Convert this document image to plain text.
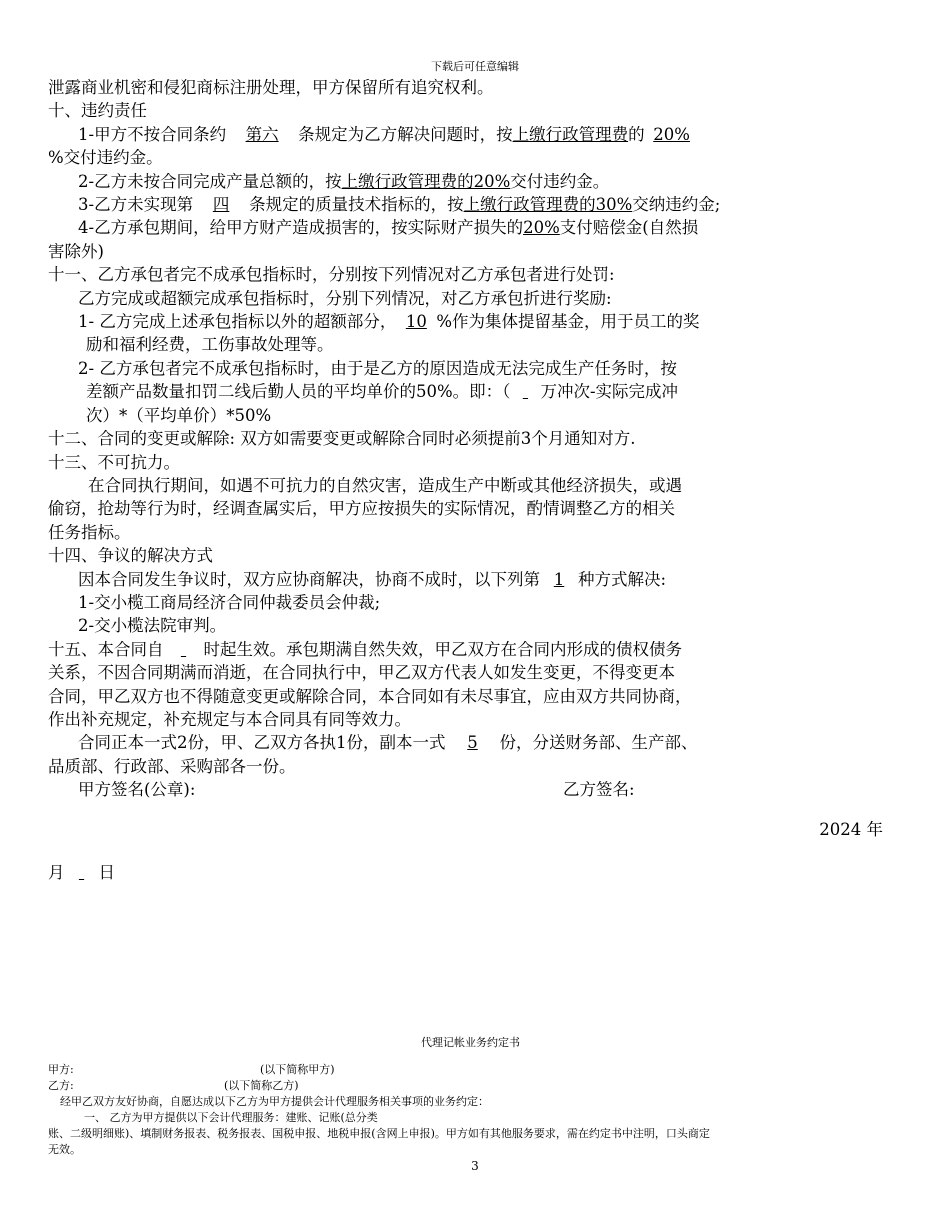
下载后可任意编辑

泄露商业机密和侵犯商标注册处理，甲方保留所有追究权利。

十、违约责任

1-甲方不按合同条约 第六 条规定为乙方解决问题时，按上缴行政管理费的 20%

%交付违约金。

2-乙方未按合同完成产量总额的，按上缴行政管理费的20%交付违约金。

3-乙方未实现第 四 条规定的质量技术指标的，按上缴行政管理费的30%交纳违约金;

4-乙方承包期间，给甲方财产造成损害的，按实际财产损失的20%支付赔偿金(自然损

害除外)

十一、乙方承包者完不成承包指标时，分别按下列情况对乙方承包者进行处罚:

乙方完成或超额完成承包指标时，分别下列情况，对乙方承包折进行奖励:

1- 乙方完成上述承包指标以外的超额部分， 10 %作为集体提留基金，用于员工的奖

励和福利经费，工伤事故处理等。

2- 乙方承包者完不成承包指标时，由于是乙方的原因造成无法完成生产任务时，按

差额产品数量扣罚二线后勤人员的平均单价的50%。即：（ 万冲次-实际完成冲

次）*（平均单价）*50%

十二、合同的变更或解除: 双方如需要变更或解除合同时必须提前3个月通知对方.

十三、不可抗力。

在合同执行期间，如遇不可抗力的自然灾害，造成生产中断或其他经济损失，或遇

偷窃，抢劫等行为时，经调查属实后，甲方应按损失的实际情况，酌情调整乙方的相关

任务指标。

十四、争议的解决方式

因本合同发生争议时，双方应协商解决，协商不成时，以下列第 1 种方式解决:

1-交小榄工商局经济合同仲裁委员会仲裁;

2-交小榄法院审判。

十五、本合同自 时起生效。承包期满自然失效，甲乙双方在合同内形成的债权债务

关系，不因合同期满而消逝，在合同执行中，甲乙双方代表人如发生变更，不得变更本

合同，甲乙双方也不得随意变更或解除合同，本合同如有未尽事宜，应由双方共同协商，

作出补充规定，补充规定与本合同具有同等效力。

合同正本一式2份，甲、乙双方各执1份，副本一式 5 份，分送财务部、生产部、

品质部、行政部、采购部各一份。

甲方签名(公章):	乙方签名:

2024 年

月 日

代理记帐业务约定书

甲方:	(以下简称甲方)
乙方:	(以下简称乙方)

经甲乙双方友好协商，自愿达成以下乙方为甲方提供会计代理服务相关事项的业务约定：

一、 乙方为甲方提供以下会计代理服务：建账、记账(总分类

账、二级明细账)、填制财务报表、税务报表、国税申报、地税申报(含网上申报)。甲方如有其他服务要求，需在约定书中注明，口头商定

无效。

3
